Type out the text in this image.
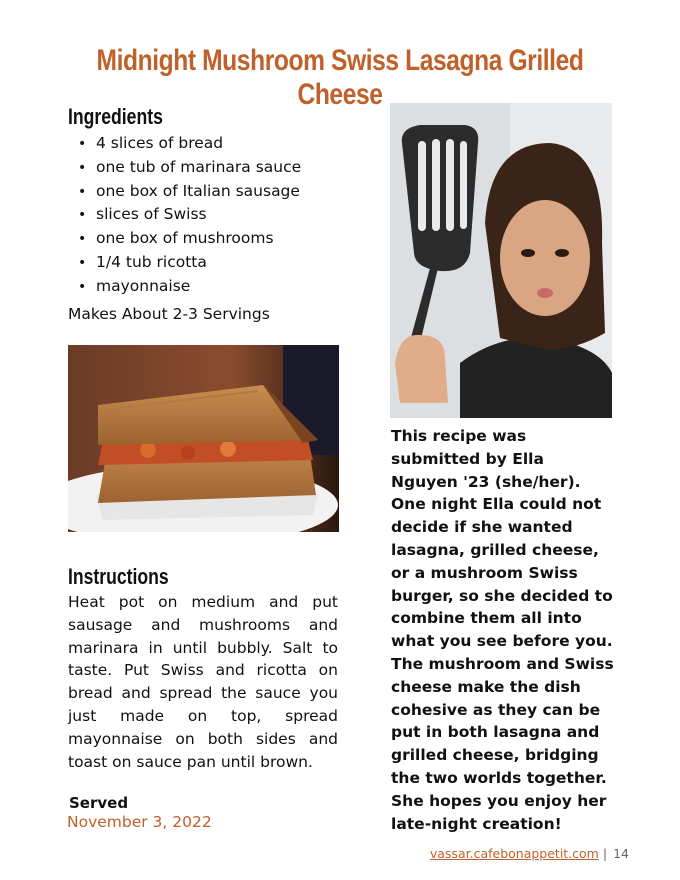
Midnight Mushroom Swiss Lasagna Grilled Cheese
Ingredients
• 4 slices of bread
• one tub of marinara sauce
• one box of Italian sausage
• slices of Swiss
• one box of mushrooms
• 1/4 tub ricotta
• mayonnaise
Makes About 2-3 Servings
Instructions
Heat pot on medium and put sausage and mushrooms and marinara in until bubbly. Salt to taste. Put Swiss and ricotta on bread and spread the sauce you just made on top, spread mayonnaise on both sides and toast on sauce pan until brown.
Served
November 3, 2022
This recipe was submitted by Ella Nguyen '23 (she/her). One night Ella could not decide if she wanted lasagna, grilled cheese, or a mushroom Swiss burger, so she decided to combine them all into what you see before you. The mushroom and Swiss cheese make the dish cohesive as they can be put in both lasagna and grilled cheese, bridging the two worlds together. She hopes you enjoy her late-night creation!
vassar.cafebonappetit.com | 14
